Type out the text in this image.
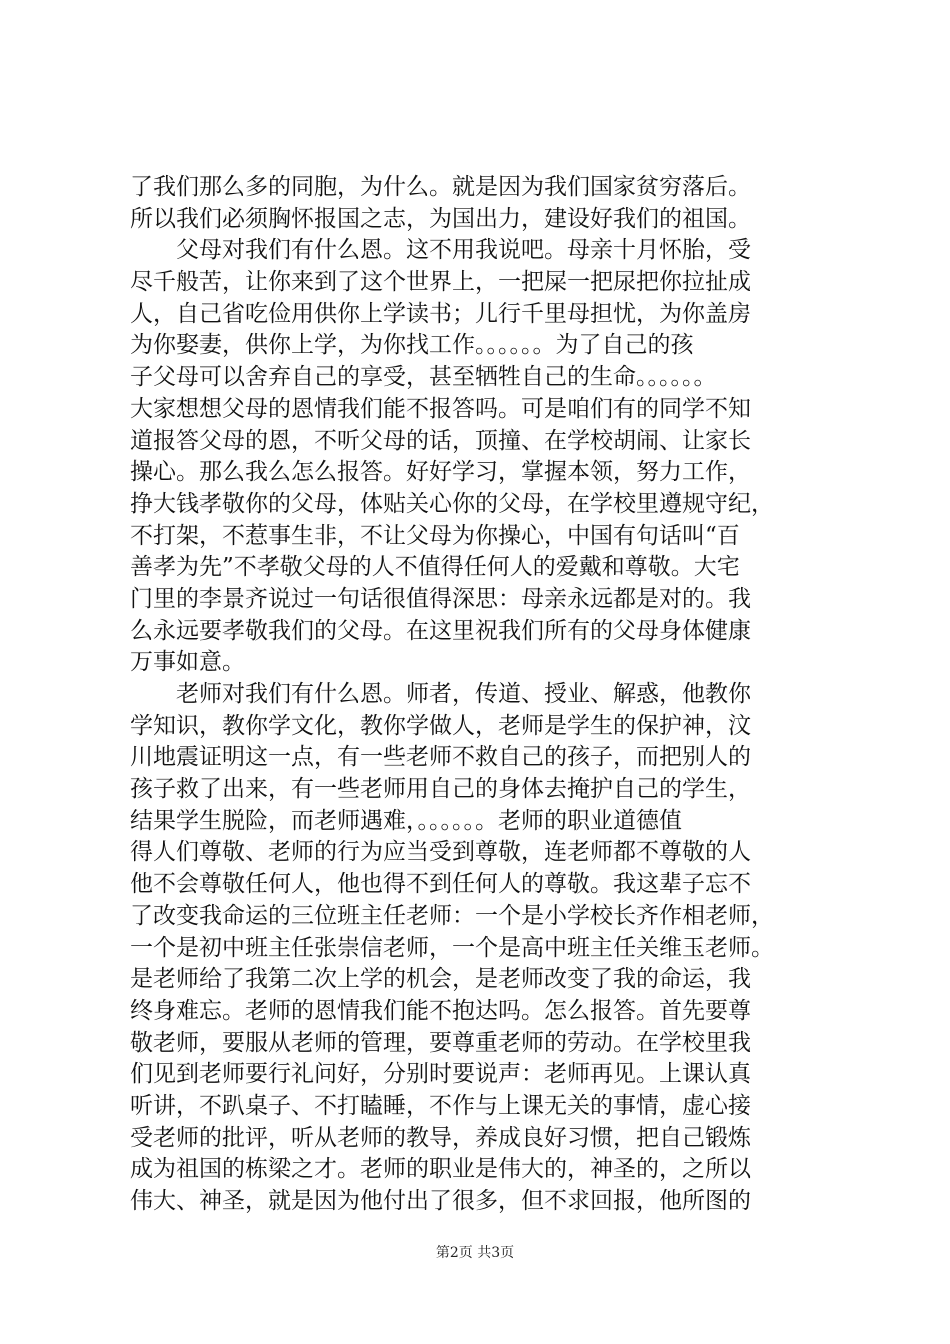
了我们那么多的同胞，为什么。就是因为我们国家贫穷落后。
所以我们必须胸怀报国之志，为国出力，建设好我们的祖国。
　　父母对我们有什么恩。这不用我说吧。母亲十月怀胎，受
尽千般苦，让你来到了这个世界上，一把屎一把尿把你拉扯成
人，自己省吃俭用供你上学读书；儿行千里母担忧，为你盖房
为你娶妻，供你上学，为你找工作。。。。。。为了自己的孩
子父母可以舍弃自己的享受，甚至牺牲自己的生命。。。。。。
大家想想父母的恩情我们能不报答吗。可是咱们有的同学不知
道报答父母的恩，不听父母的话，顶撞、在学校胡闹、让家长
操心。那么我么怎么报答。好好学习，掌握本领，努力工作，
挣大钱孝敬你的父母，体贴关心你的父母，在学校里遵规守纪，
不打架，不惹事生非，不让父母为你操心，中国有句话叫“百
善孝为先”不孝敬父母的人不值得任何人的爱戴和尊敬。大宅
门里的李景齐说过一句话很值得深思：母亲永远都是对的。我
么永远要孝敬我们的父母。在这里祝我们所有的父母身体健康
万事如意。
　　老师对我们有什么恩。师者，传道、授业、解惑，他教你
学知识，教你学文化，教你学做人，老师是学生的保护神，汶
川地震证明这一点，有一些老师不救自己的孩子，而把别人的
孩子救了出来，有一些老师用自己的身体去掩护自己的学生，
结果学生脱险，而老师遇难，。。。。。。老师的职业道德值
得人们尊敬、老师的行为应当受到尊敬，连老师都不尊敬的人
他不会尊敬任何人，他也得不到任何人的尊敬。我这辈子忘不
了改变我命运的三位班主任老师：一个是小学校长齐作相老师，
一个是初中班主任张崇信老师，一个是高中班主任关维玉老师。
是老师给了我第二次上学的机会，是老师改变了我的命运，我
终身难忘。老师的恩情我们能不抱达吗。怎么报答。首先要尊
敬老师，要服从老师的管理，要尊重老师的劳动。在学校里我
们见到老师要行礼问好，分别时要说声：老师再见。上课认真
听讲，不趴桌子、不打瞌睡，不作与上课无关的事情，虚心接
受老师的批评，听从老师的教导，养成良好习惯，把自己锻炼
成为祖国的栋梁之才。老师的职业是伟大的，神圣的，之所以
伟大、神圣，就是因为他付出了很多，但不求回报，他所图的
第2页 共3页
